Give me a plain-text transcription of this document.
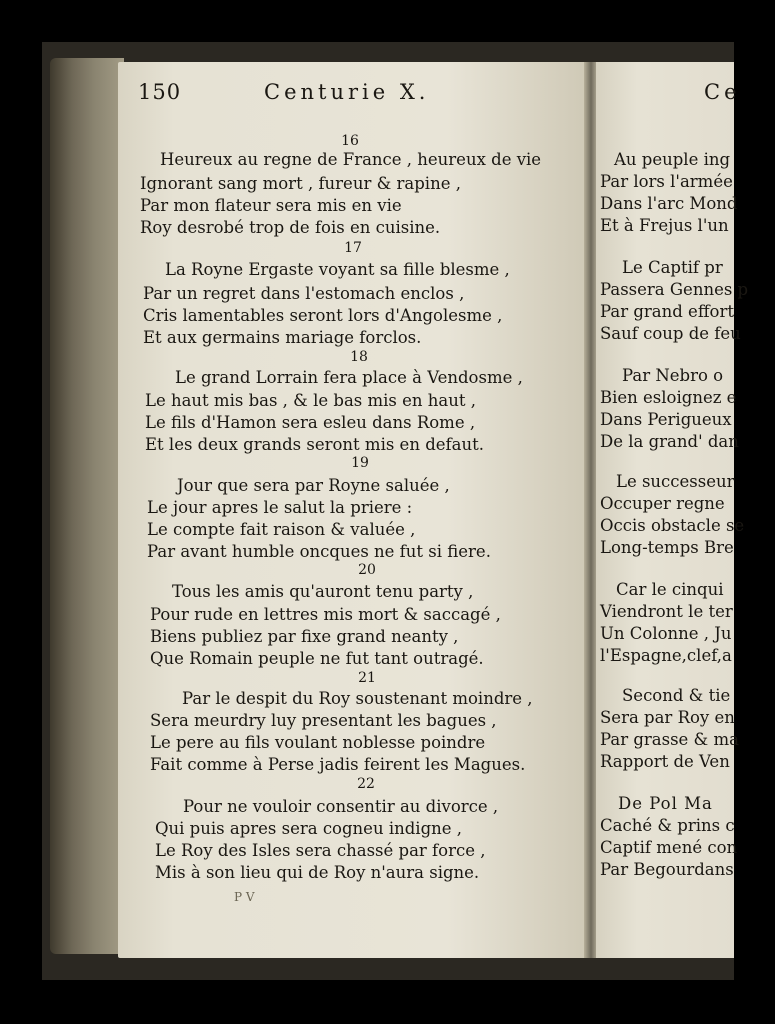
150	Centurie X.
16
Heureux au regne de France , heureux de vie
Ignorant sang mort , fureur & rapine ,
Par mon flateur sera mis en vie
Roy desrobé trop de fois en cuisine.
17
La Royne Ergaste voyant sa fille blesme ,
Par un regret dans l'estomach enclos ,
Cris lamentables seront lors d'Angolesme ,
Et aux germains mariage forclos.
18
Le grand Lorrain fera place à Vendosme ,
Le haut mis bas , & le bas mis en haut ,
Le fils d'Hamon sera esleu dans Rome ,
Et les deux grands seront mis en defaut.
19
Jour que sera par Royne saluée ,
Le jour apres le salut la priere :
Le compte fait raison & valuée ,
Par avant humble oncques ne fut si fiere.
20
Tous les amis qu'auront tenu party ,
Pour rude en lettres mis mort & saccagé ,
Biens publiez par fixe grand neanty ,
Que Romain peuple ne fut tant outragé.
21
Par le despit du Roy soustenant moindre ,
Sera meurdry luy presentant les bagues ,
Le pere au fils voulant noblesse poindre
Fait comme à Perse jadis feirent les Magues.
22
Pour ne vouloir consentir au divorce ,
Qui puis apres sera cogneu indigne ,
Le Roy des Isles sera chassé par force ,
Mis à son lieu qui de Roy n'aura signe.
P V
Ce
Au peuple ing
Par lors l'armée
Dans l'arc Mond
Et à Frejus l'un
Le Captif pr
Passera Gennes p
Par grand effort
Sauf coup de feu
Par Nebro o
Bien esloignez e
Dans Perigueux
De la grand' dan
Le successeur
Occuper regne
Occis obstacle se
Long-temps Bre
Car le cinqui
Viendront le ter
Un Colonne , Ju
l'Espagne,clef,a
Second & tie
Sera par Roy en
Par grasse & ma
Rapport de Ven
De Pol Ma
Caché & prins c
Captif mené con
Par Begourdans
